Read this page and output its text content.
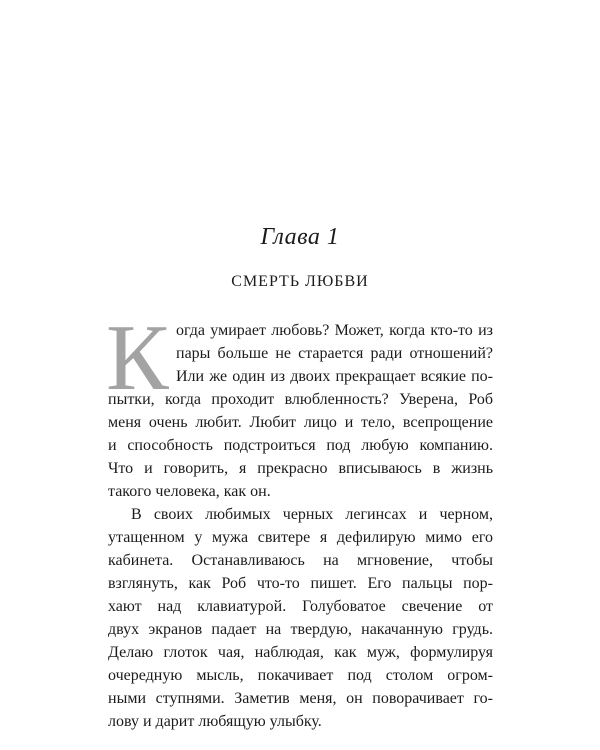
Глава 1
СМЕРТЬ ЛЮБВИ
К огда умирает любовь? Может, когда кто-то из
пары больше не старается ради отношений?
Или же один из двоих прекращает всякие по-
пытки, когда проходит влюбленность? Уверена, Роб
меня очень любит. Любит лицо и тело, всепрощение
и способность подстроиться под любую компанию.
Что и говорить, я прекрасно вписываюсь в жизнь
такого человека, как он.
В своих любимых черных легинсах и черном,
утащенном у мужа свитере я дефилирую мимо его
кабинета. Останавливаюсь на мгновение, чтобы
взглянуть, как Роб что-то пишет. Его пальцы пор-
хают над клавиатурой. Голубоватое свечение от
двух экранов падает на твердую, накачанную грудь.
Делаю глоток чая, наблюдая, как муж, формулируя
очередную мысль, покачивает под столом огром-
ными ступнями. Заметив меня, он поворачивает го-
лову и дарит любящую улыбку.
